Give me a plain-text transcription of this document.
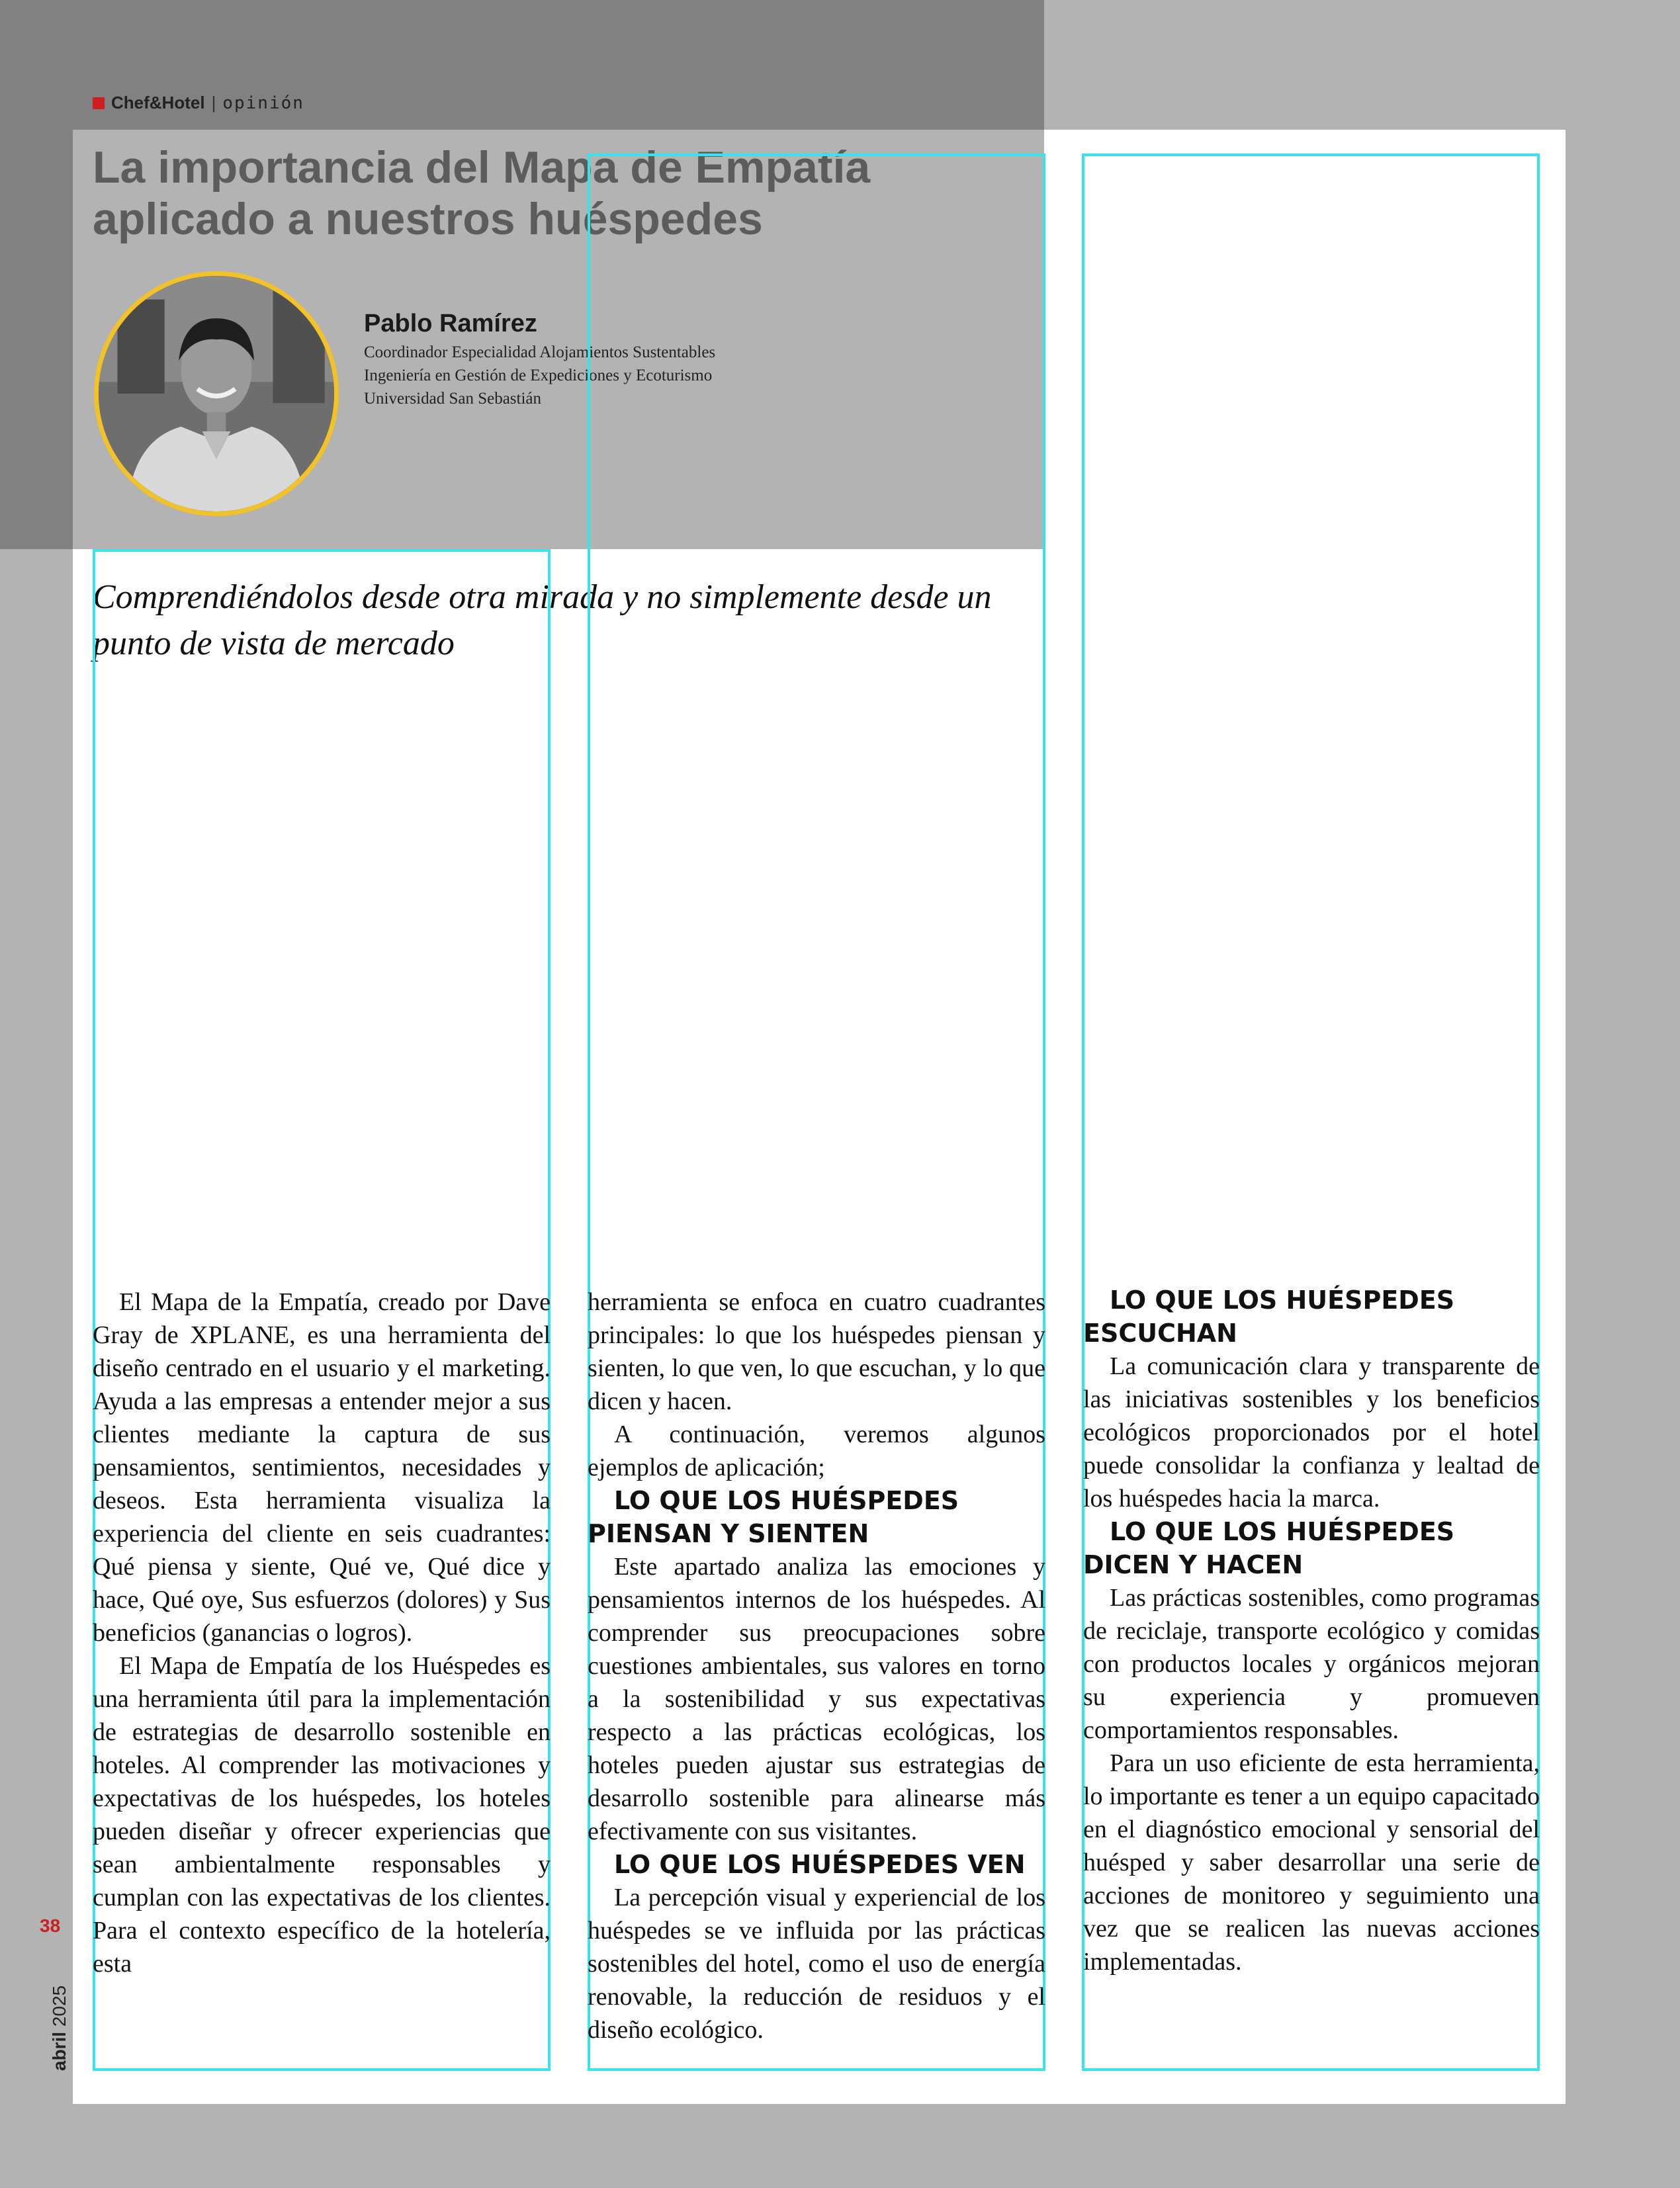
Chef&Hotel | opinión
La importancia del Mapa de Empatía aplicado a nuestros huéspedes
Pablo Ramírez
Coordinador Especialidad Alojamientos Sustentables
Ingeniería en Gestión de Expediciones y Ecoturismo
Universidad San Sebastián

Comprendiéndolos desde otra mirada y no simplemente desde un punto de vista de mercado

El Mapa de la Empatía, creado por Dave Gray de XPLANE, es una herramienta del diseño centrado en el usuario y el marketing. Ayuda a las empresas a entender mejor a sus clientes mediante la captura de sus pensamientos, sentimientos, necesidades y deseos. Esta herramienta visualiza la experiencia del cliente en seis cuadrantes: Qué piensa y siente, Qué ve, Qué dice y hace, Qué oye, Sus esfuerzos (dolores) y Sus beneficios (ganancias o logros).

El Mapa de Empatía de los Huéspedes es una herramienta útil para la implementación de estrategias de desarrollo sostenible en hoteles. Al comprender las motivaciones y expectativas de los huéspedes, los hoteles pueden diseñar y ofrecer experiencias que sean ambientalmente responsables y cumplan con las expectativas de los clientes. Para el contexto específico de la hotelería, esta

herramienta se enfoca en cuatro cuadrantes principales: lo que los huéspedes piensan y sienten, lo que ven, lo que escuchan, y lo que dicen y hacen.

A continuación, veremos algunos ejemplos de aplicación;

LO QUE LOS HUÉSPEDES PIENSAN Y SIENTEN

Este apartado analiza las emociones y pensamientos internos de los huéspedes. Al comprender sus preocupaciones sobre cuestiones ambientales, sus valores en torno a la sostenibilidad y sus expectativas respecto a las prácticas ecológicas, los hoteles pueden ajustar sus estrategias de desarrollo sostenible para alinearse más efectivamente con sus visitantes.

LO QUE LOS HUÉSPEDES VEN

La percepción visual y experiencial de los huéspedes se ve influida por las prácticas sostenibles del hotel, como el uso de energía renovable, la reducción de residuos y el diseño ecológico.

LO QUE LOS HUÉSPEDES ESCUCHAN

La comunicación clara y transparente de las iniciativas sostenibles y los beneficios ecológicos proporcionados por el hotel puede consolidar la confianza y lealtad de los huéspedes hacia la marca.

LO QUE LOS HUÉSPEDES DICEN Y HACEN

Las prácticas sostenibles, como programas de reciclaje, transporte ecológico y comidas con productos locales y orgánicos mejoran su experiencia y promueven comportamientos responsables.

Para un uso eficiente de esta herramienta, lo importante es tener a un equipo capacitado en el diagnóstico emocional y sensorial del huésped y saber desarrollar una serie de acciones de monitoreo y seguimiento una vez que se realicen las nuevas acciones implementadas.

38
abril 2025
